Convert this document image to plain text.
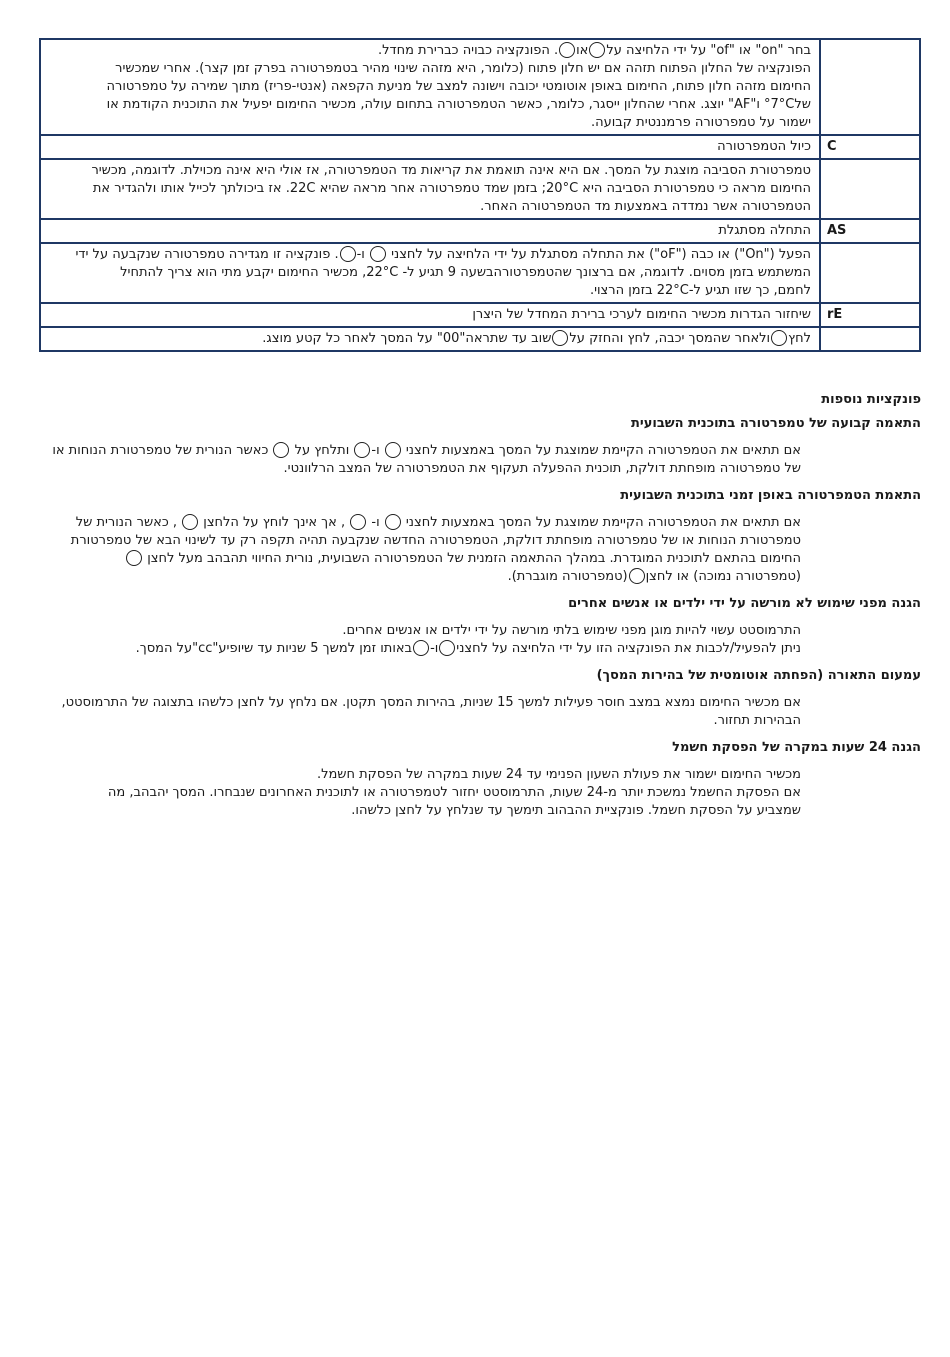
	בחר "on" או "of" על ידי הלחיצה עלאו. הפונקציה כבויה כברירת מחדל.

הפונקציה של החלון הפתוח תזהה אם יש חלון פתוח (כלומר, היא מזהה שינוי מהיר בטמפרטורה בפרק זמן קצר). אחרי שמכשיר

החימום מזהה חלון פתוח, החימום באופן אוטומטי יכובה וישונה למצב של מניעת הקפאה (אנטי-פריז) מתוך שמירה על טמפרטורה

של7°C° ו"AF" יוצג. אחרי שהחלון ייסגר, כלומר, כאשר הטמפרטורה בתחום עולה, מכשיר החימום יפעיל את התוכנית הקודמת או

ישמור על טמפרטורה פרמננטית קבועה.

C	כיול הטמפרטורה

	טמפרטורת הסביבה מוצגת על המסך. אם היא אינה תואמת את קריאות מד הטמפרטורה, אז אולי היא אינה מכוילת. לדוגמה, מכשיר

החימום מראה כי טמפרטורת הסביבה היא 20°C; בזמן שמד טמפרטורה אחר מראה שהיא 22C. אז ביכולתך לכייל אותו ולהגדיר את

הטמפרטורה אשר נמדדה באמצעות מד הטמפרטורה האחר.

AS	התחלה מסתגלת

	הפעל ("On") או כבה ("oF") את התחלה מסתגלת על ידי הלחיצה על לחצני  ו-. פונקציה זו מגדירה טמפרטורה שנקבעה על ידי

המשתמש בזמן מסוים. לדוגמה, אם ברצונך שהטמפרטורהבשעה 9 תגיע ל- 22°C, מכשיר החימום יקבע מתי הוא צריך להתחיל

לחמם, כך שזו תגיע ל-22°C בזמן הרצוי.

rE	שיחזור הגדרות מכשיר החימום לערכי ברירת המחדל של היצרן

	לחץולאחר שהמסך יכבה, לחץ והחזק עלשוב עד שתראה"00" על המסך לאחר כל קטע מוצג.

פונקציות נוספות
התאמה קבועה של טמפרטורה בתוכנית השבועית

אם תתאים את הטמפרטורה הקיימת שמוצגת על המסך באמצעות לחצני  ו- ותלחץ על  כאשר הנורית של טמפרטורת הנוחות או

של טמפרטורה מופחתת דולקת, תוכנית ההפעלה תעקוף את הטמפרטורה של המצב הרלוונטי.

התאמת הטמפרטורה באופן זמני בתוכנית השבועית

אם תתאים את הטמפרטורה הקיימת שמוצגת על המסך באמצעות לחצני  ו-  , אך אינך לוחץ על הלחצן  , כאשר הנורית של

טמפרטורת הנוחות או של טמפרטורה מופחתת דולקת, הטמפרטורה החדשה שנקבעה תהיה תקפה רק עד לשינוי הבא של טמפרטורת

החימום בהתאם לתוכנית המוגדרת. במהלך ההתאמה הזמנית של הטמפרטורה השבועית, נורית החיווי תהבהב מעל לחצן

(טמפרטורה נמוכה) או לחצן(טמפרטורה מוגברת).

הגנה מפני שימוש לא מורשה על ידי ילדים או אנשים אחרים

התרמוסטט עשוי להיות מוגן מפני שימוש בלתי מורשה על ידי ילדים או אנשים אחרים.

ניתן להפעיל/לכבות את הפונקציה הזו על ידי הלחיצה על לחצניו-באותו זמן למשך 5 שניות עד שיופיע"cc"על המסך.

עמעום התאורה (הפחתה אוטומטית של בהירות המסך)

אם מכשיר החימום נמצא במצב חוסר פעילות למשך 15 שניות, בהירות המסך תקטן. אם נלחץ על לחצן כלשהו בתצוגה של התרמוסטט,

הבהירות תחזור.

הגנה 24 שעות במקרה של הפסקת חשמל

מכשיר החימום ישמור את פעולת השעון הפנימי עד 24 שעות במקרה של הפסקת חשמל.

אם הפסקת החשמל נמשכת יותר מ-24 שעות, התרמוסטט יחזור לטמפרטורה או לתוכנית האחרונים שנבחרו. המסך יהבהב, מה

שמצביע על הפסקת חשמל. פונקציית ההבהוב תימשך עד שנלחץ על לחצן כלשהו.
